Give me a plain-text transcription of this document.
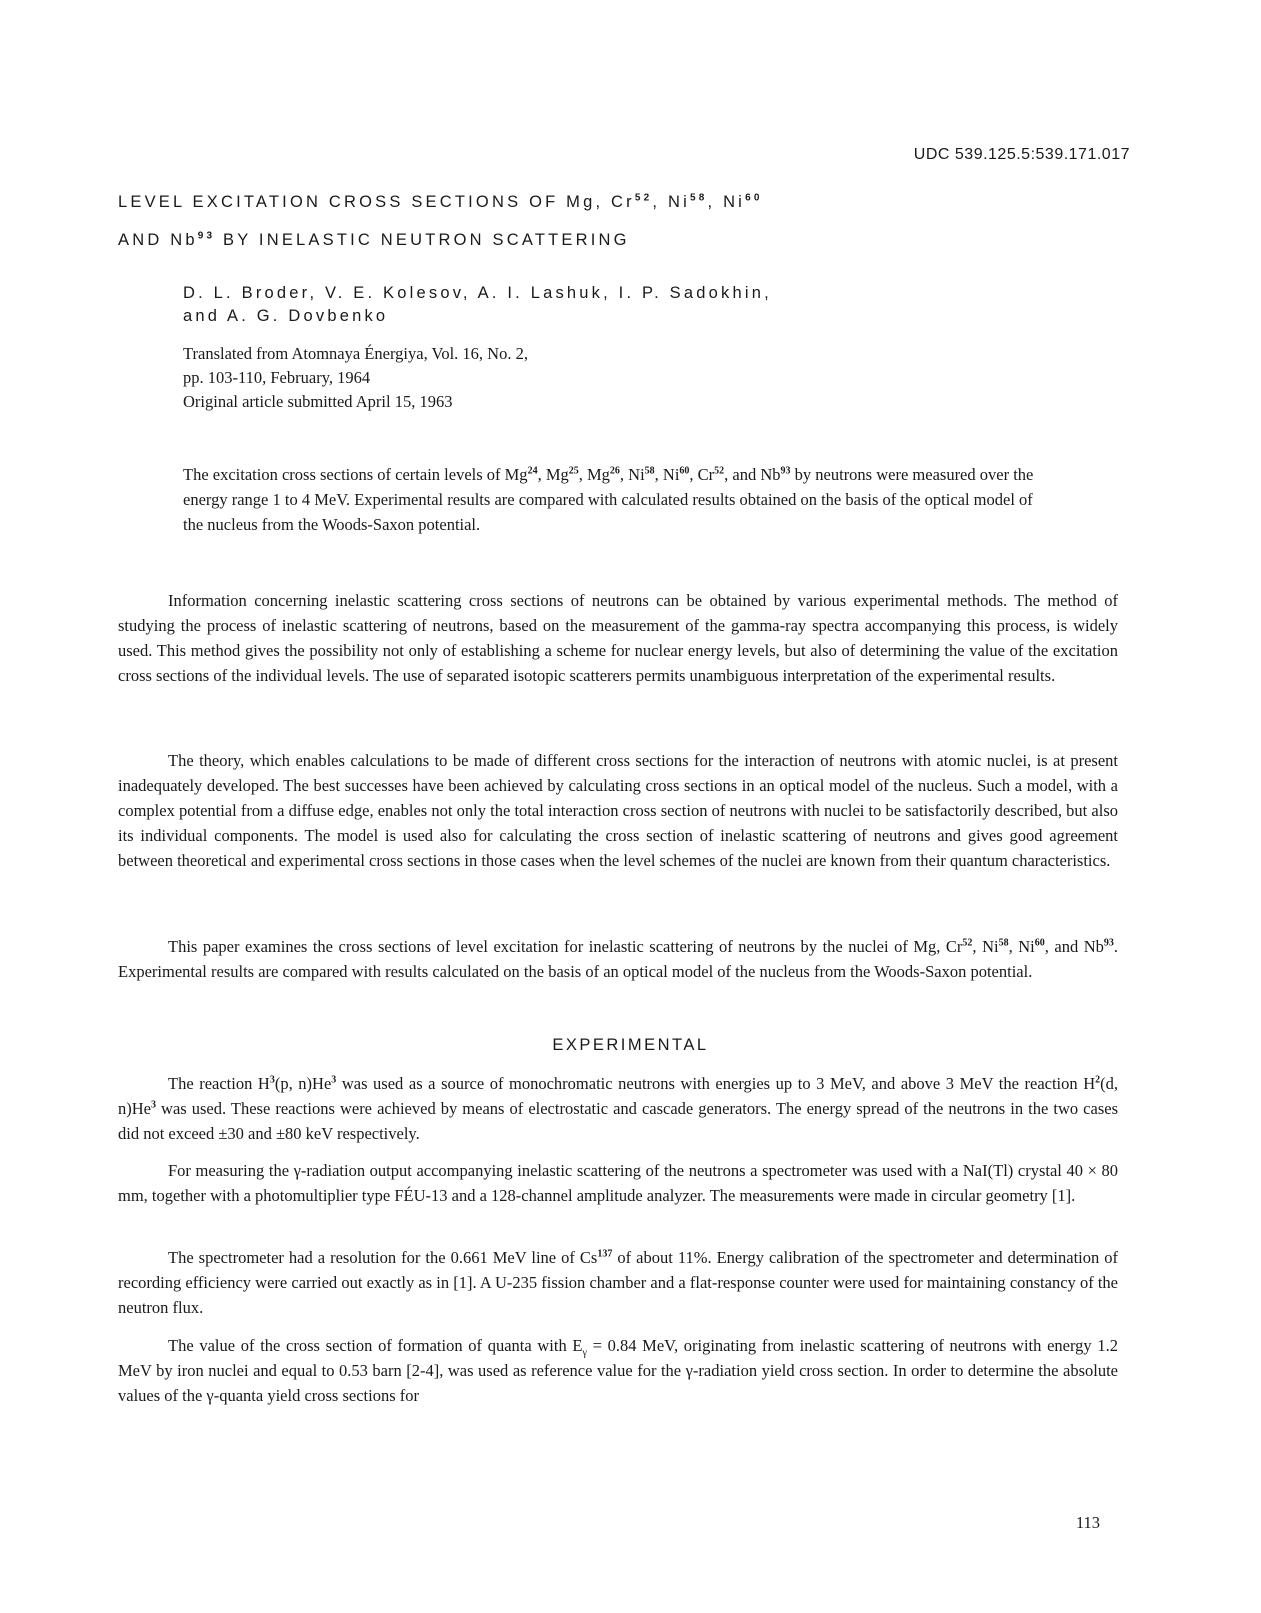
UDC 539.125.5:539.171.017
LEVEL EXCITATION CROSS SECTIONS OF Mg, Cr$^{52}$, Ni$^{58}$, Ni$^{60}$
AND Nb$^{93}$ BY INELASTIC NEUTRON SCATTERING
D. L. Broder, V. E. Kolesov, A. I. Lashuk, I. P. Sadokhin,
and A. G. Dovbenko
Translated from Atomnaya Énergiya, Vol. 16, No. 2,
pp. 103-110, February, 1964
Original article submitted April 15, 1963
The excitation cross sections of certain levels of Mg$^{24}$, Mg$^{25}$, Mg$^{26}$, Ni$^{58}$, Ni$^{60}$, Cr$^{52}$, and Nb$^{93}$ by neutrons were measured over the energy range 1 to 4 MeV. Experimental results are compared with calculated results obtained on the basis of the optical model of the nucleus from the Woods-Saxon potential.

Information concerning inelastic scattering cross sections of neutrons can be obtained by various experimental methods. The method of studying the process of inelastic scattering of neutrons, based on the measurement of the gamma-ray spectra accompanying this process, is widely used. This method gives the possibility not only of establishing a scheme for nuclear energy levels, but also of determining the value of the excitation cross sections of the individual levels. The use of separated isotopic scatterers permits unambiguous interpretation of the experimental results.

The theory, which enables calculations to be made of different cross sections for the interaction of neutrons with atomic nuclei, is at present inadequately developed. The best successes have been achieved by calculating cross sections in an optical model of the nucleus. Such a model, with a complex potential from a diffuse edge, enables not only the total interaction cross section of neutrons with nuclei to be satisfactorily described, but also its individual components. The model is used also for calculating the cross section of inelastic scattering of neutrons and gives good agreement between theoretical and experimental cross sections in those cases when the level schemes of the nuclei are known from their quantum characteristics.

This paper examines the cross sections of level excitation for inelastic scattering of neutrons by the nuclei of Mg, Cr$^{52}$, Ni$^{58}$, Ni$^{60}$, and Nb$^{93}$. Experimental results are compared with results calculated on the basis of an optical model of the nucleus from the Woods-Saxon potential.

EXPERIMENTAL

The reaction $H^3(p$, n)He$^3$ was used as a source of monochromatic neutrons with energies up to 3 MeV, and above 3 MeV the reaction $H^2(d$, n)He$^3$ was used. These reactions were achieved by means of electrostatic and cascade generators. The energy spread of the neutrons in the two cases did not exceed ±30 and ±80 keV respectively.

For measuring the γ-radiation output accompanying inelastic scattering of the neutrons a spectrometer was used with a NaI(Tl) crystal 40 × 80 mm, together with a photomultiplier type FÉU-13 and a 128-channel amplitude analyzer. The measurements were made in circular geometry [1].

The spectrometer had a resolution for the 0.661 MeV line of Cs$^{137}$ of about 11%. Energy calibration of the spectrometer and determination of recording efficiency were carried out exactly as in [1]. A U-235 fission chamber and a flat-response counter were used for maintaining constancy of the neutron flux.

The value of the cross section of formation of quanta with $E_\gamma = 0.84$ MeV, originating from inelastic scattering of neutrons with energy 1.2 MeV by iron nuclei and equal to 0.53 barn [2-4], was used as reference value for the γ-radiation yield cross section. In order to determine the absolute values of the γ-quanta yield cross sections for

113
